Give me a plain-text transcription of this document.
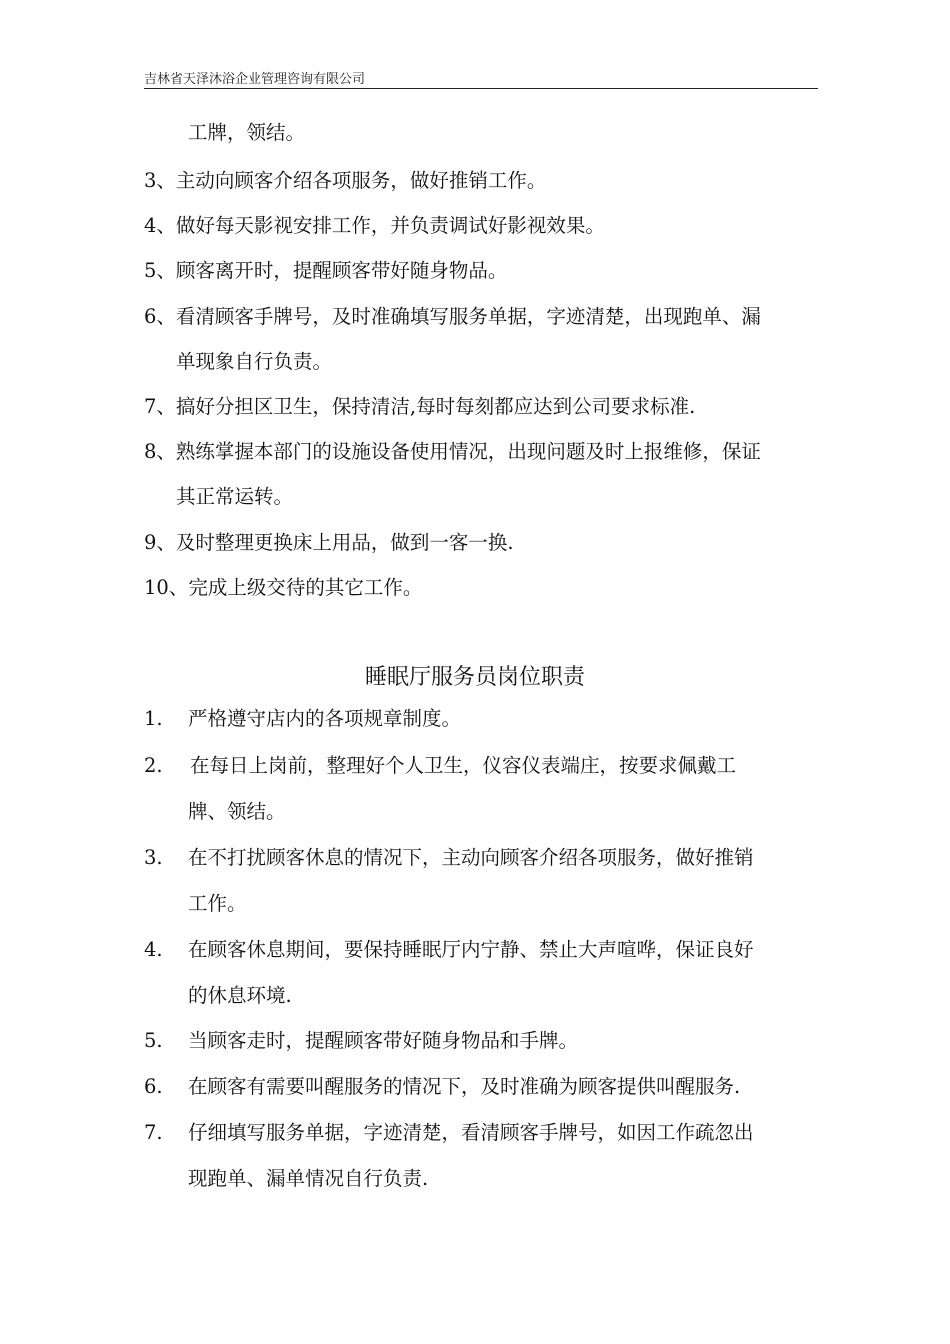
吉林省天泽沐浴企业管理咨询有限公司
工牌，领结。
3、主动向顾客介绍各项服务，做好推销工作。
4、做好每天影视安排工作，并负责调试好影视效果。
5、顾客离开时，提醒顾客带好随身物品。
6、看清顾客手牌号，及时准确填写服务单据，字迹清楚，出现跑单、漏
单现象自行负责。
7、搞好分担区卫生，保持清洁,每时每刻都应达到公司要求标准.
8、熟练掌握本部门的设施设备使用情况，出现问题及时上报维修，保证
其正常运转。
9、及时整理更换床上用品，做到一客一换.
10、完成上级交待的其它工作。
睡眠厅服务员岗位职责
1. 严格遵守店内的各项规章制度。
2. 在每日上岗前，整理好个人卫生，仪容仪表端庄，按要求佩戴工
牌、领结。
3. 在不打扰顾客休息的情况下，主动向顾客介绍各项服务，做好推销
工作。
4. 在顾客休息期间，要保持睡眠厅内宁静、禁止大声喧哗，保证良好
的休息环境.
5. 当顾客走时，提醒顾客带好随身物品和手牌。
6. 在顾客有需要叫醒服务的情况下，及时准确为顾客提供叫醒服务.
7. 仔细填写服务单据，字迹清楚，看清顾客手牌号，如因工作疏忽出
现跑单、漏单情况自行负责.
